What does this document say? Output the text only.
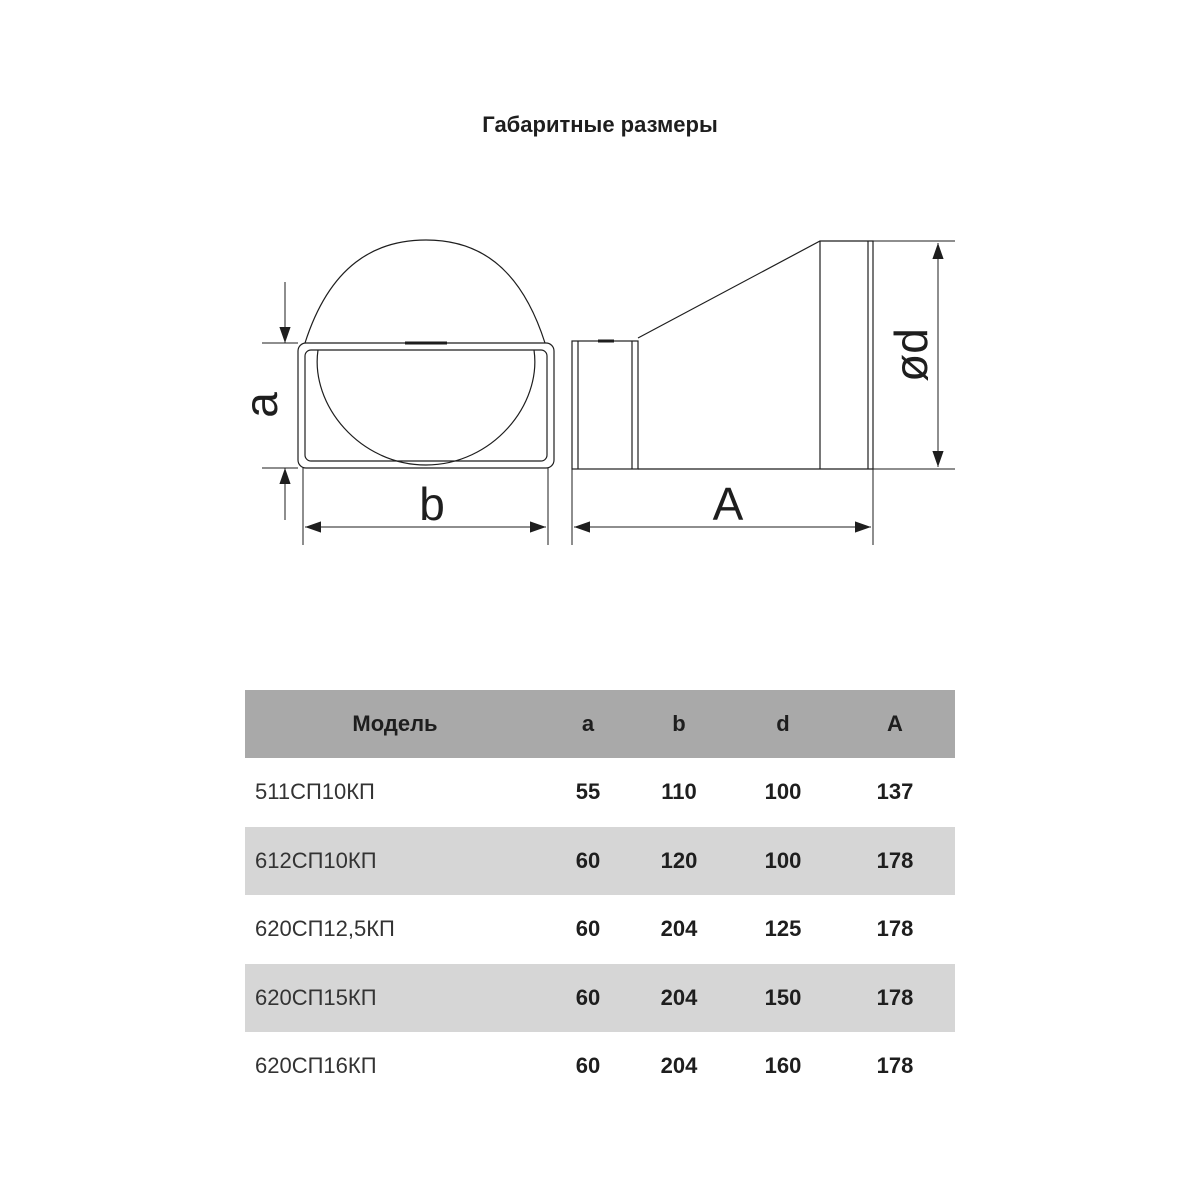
Габаритные размеры
a
b	A
ød
Модель	a	b	d	A
511СП10КП	55	110	100	137
612СП10КП	60	120	100	178
620СП12,5КП	60	204	125	178
620СП15КП	60	204	150	178
620СП16КП	60	204	160	178
